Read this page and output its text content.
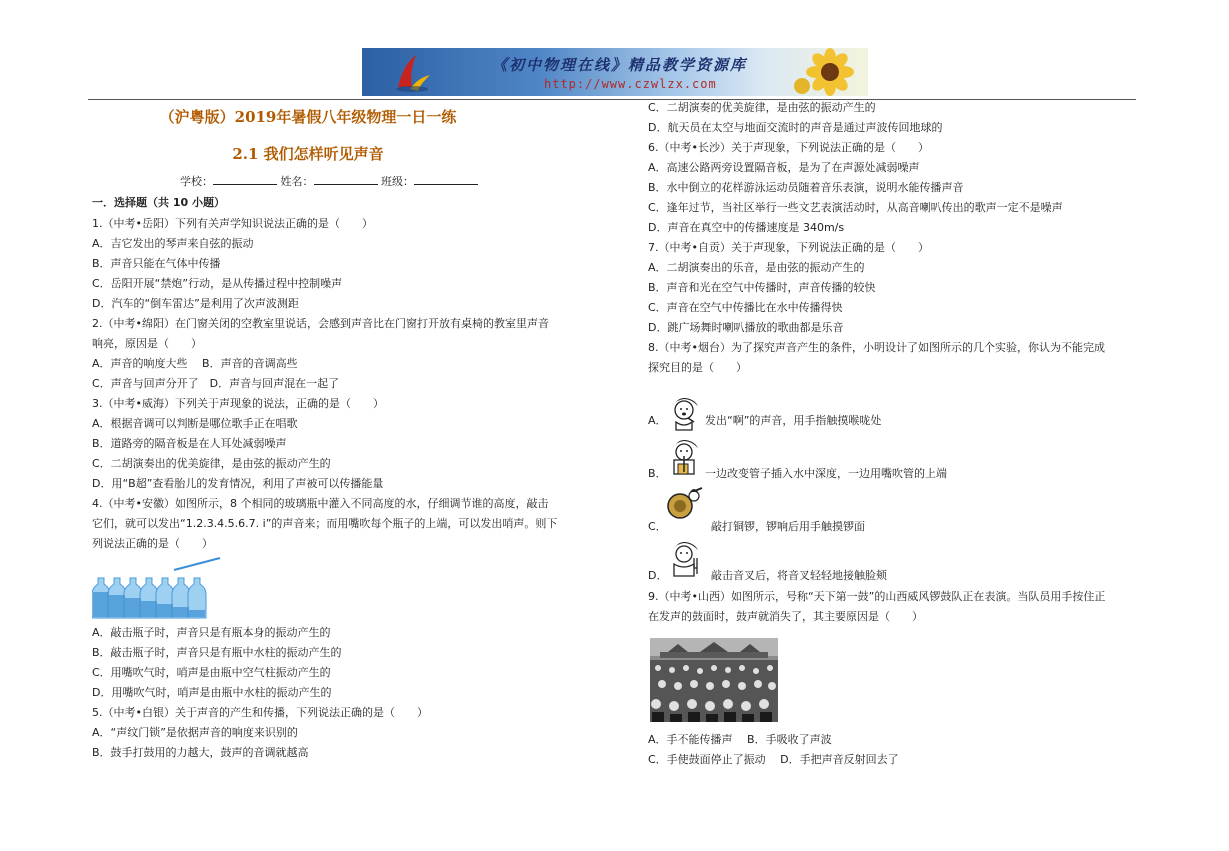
《初中物理在线》精品教学资源库
http://www.czwlzx.com
（沪粤版）2019年暑假八年级物理一日一练
2.1 我们怎样听见声音
学校：	姓名：	班级：
一．选择题（共 10 小题）
1.（中考•岳阳）下列有关声学知识说法正确的是（　　）
A．吉它发出的琴声来自弦的振动
B．声音只能在气体中传播
C．岳阳开展“禁炮”行动，是从传播过程中控制噪声
D．汽车的“倒车雷达”是利用了次声波测距
2.（中考•绵阳）在门窗关闭的空教室里说话，会感到声音比在门窗打开放有桌椅的教室里声音
响亮，原因是（　　）
A．声音的响度大些　 B．声音的音调高些
C．声音与回声分开了　D．声音与回声混在一起了
3.（中考•威海）下列关于声现象的说法，正确的是（　　）
A．根据音调可以判断是哪位歌手正在唱歌
B．道路旁的隔音板是在人耳处减弱噪声
C．二胡演奏出的优美旋律，是由弦的振动产生的
D．用“B超”查看胎儿的发育情况，利用了声被可以传播能量
4.（中考•安徽）如图所示，8 个相同的玻璃瓶中灌入不同高度的水，仔细调节谁的高度，敲击
它们，就可以发出“1.2.3.4.5.6.7. i”的声音来；而用嘴吹每个瓶子的上端，可以发出哨声。则下
列说法正确的是（　　）
A．敲击瓶子时，声音只是有瓶本身的振动产生的
B．敲击瓶子时，声音只是有瓶中水柱的振动产生的
C．用嘴吹气时，哨声是由瓶中空气柱振动产生的
D．用嘴吹气时，哨声是由瓶中水柱的振动产生的
5.（中考•白银）关于声音的产生和传播，下列说法正确的是（　　）
A．“声纹门锁”是依据声音的响度来识别的
B．鼓手打鼓用的力越大，鼓声的音调就越高
C．二胡演奏的优美旋律，是由弦的振动产生的
D．航天员在太空与地面交流时的声音是通过声波传回地球的
6.（中考•长沙）关于声现象，下列说法正确的是（　　）
A．高速公路两旁设置隔音板，是为了在声源处减弱噪声
B．水中倒立的花样游泳运动员随着音乐表演，说明水能传播声音
C．逢年过节，当社区举行一些文艺表演活动时，从高音喇叭传出的歌声一定不是噪声
D．声音在真空中的传播速度是 340m/s
7.（中考•自贡）关于声现象，下列说法正确的是（　　）
A．二胡演奏出的乐音，是由弦的振动产生的
B．声音和光在空气中传播时，声音传播的较快
C．声音在空气中传播比在水中传播得快
D．跳广场舞时喇叭播放的歌曲都是乐音
8.（中考•烟台）为了探究声音产生的条件，小明设计了如图所示的几个实验，你认为不能完成
探究目的是（　　）
A．	发出“啊”的声音，用手指触摸喉咙处
B．	一边改变管子插入水中深度，一边用嘴吹管的上端
C．	敲打铜锣，锣响后用手触摸锣面
D．	敲击音叉后，将音叉轻轻地接触脸颊
9.（中考•山西）如图所示，号称“天下第一鼓”的山西威风锣鼓队正在表演。当队员用手按住正
在发声的鼓面时，鼓声就消失了，其主要原因是（　　）
A．手不能传播声　 B．手吸收了声波
C．手使鼓面停止了振动　 D．手把声音反射回去了
